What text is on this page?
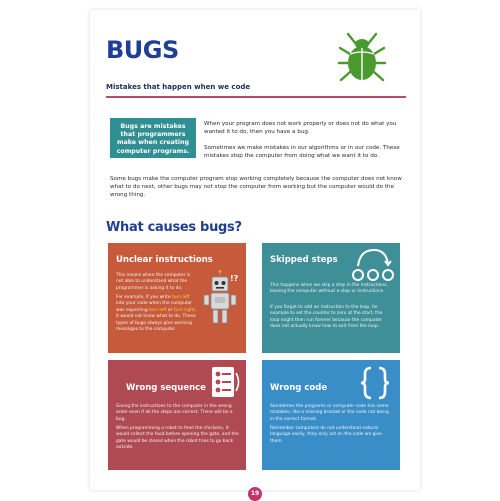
BUGS
Mistakes that happen when we code
Bugs are mistakes that programmers make when creating computer programs.
When your program does not work properly or does not do what you wanted it to do, then you have a bug.
Sometimes we make mistakes in our algorithms or in our code. These mistakes stop the computer from doing what we want it to do.
Some bugs make the computer program stop working completely because the computer does not know what to do next, other bugs may not stop the computer from working but the computer would do the wrong thing.
What causes bugs?
Unclear instructions
This means when the computer is not able to understand what the programmer is asking it to do.
For example, if you write turn left into your code when the computer was expecting turn left or turn right, it would not know what to do. These types of bugs always give warning messages to the computer.
!?
Skipped steps
This happens when we skip a step in the instructions, leaving the computer without a step or instructions.
If you forget to add an instruction to the loop, for example to set the counter to zero at the start, the loop might then run forever because the computer does not actually know how to exit from the loop.
Wrong sequence
Giving the instructions to the computer in the wrong order even if all the steps are correct. There will be a bug.
When programming a robot to feed the chickens, it would collect the food before opening the gate, and the gate would be closed when the robot tries to go back outside.
Wrong code
Sometimes the programs or computer code has some mistakes, like a missing bracket or the code not being in the correct format.
Remember computers do not understand natural language easily, they only act on the code we give them.
19
